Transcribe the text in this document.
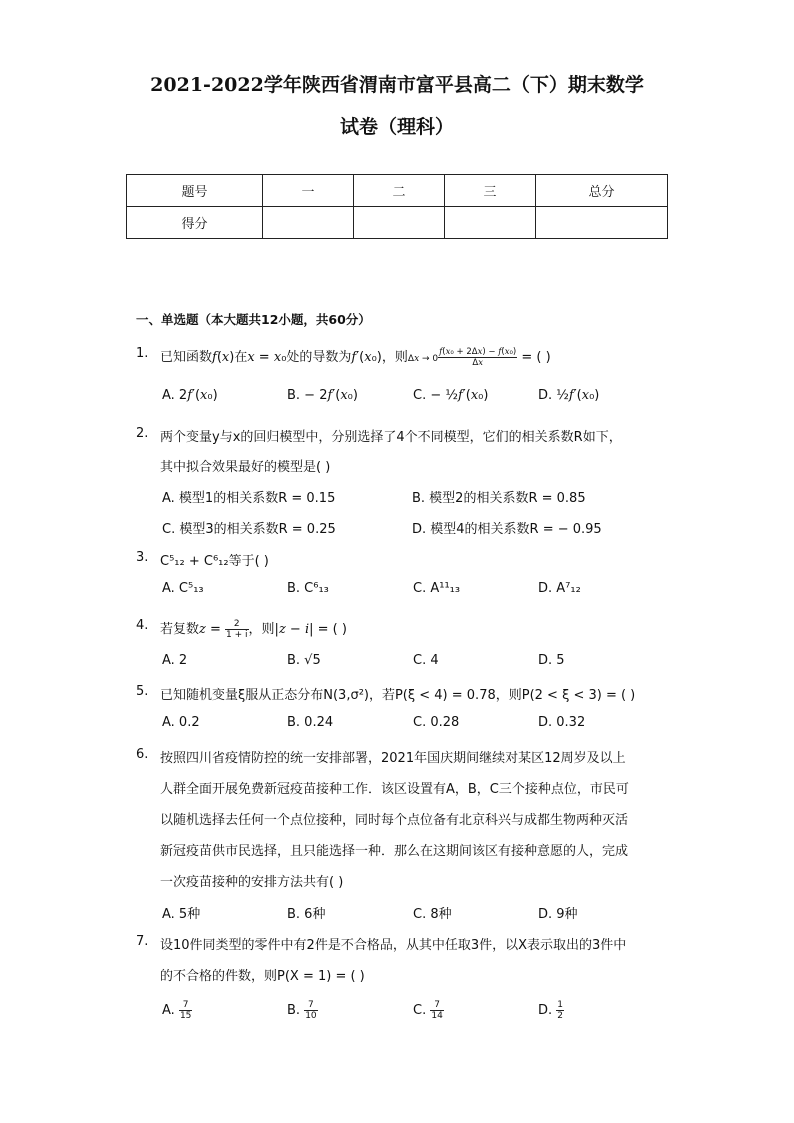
2021-2022学年陕西省渭南市富平县高二（下）期末数学
试卷（理科）
题号	一	二	三	总分
得分				
一、单选题（本大题共12小题，共60分）
1. 已知函数f(x)在x = x₀处的导数为f′(x₀)，则$\Delta x \to 0 \frac{\text{f(x₀ + 2Δx) − f(x₀)}}{\Delta x}$ = ( )
A. 2f′(x₀)	B. − 2f′(x₀)	C. − ½f′(x₀)	D. ½f′(x₀)
2. 两个变量y与x的回归模型中，分别选择了4个不同模型，它们的相关系数R如下，
其中拟合效果最好的模型是( )
A. 模型1的相关系数R = 0.15	B. 模型2的相关系数R = 0.85
C. 模型3的相关系数R = 0.25	D. 模型4的相关系数R = − 0.95
3. C⁵₁₂ + C⁶₁₂等于( )
A. C⁵₁₃	B. C⁶₁₃	C. A¹¹₁₃	D. A⁷₁₂
4. 若复数$z = \frac{2}{1 + i}$ ，则|z − i| = ( )
A. 2	B. √5	C. 4	D. 5
5. 已知随机变量ξ服从正态分布N(3,σ²)，若P(ξ < 4) = 0.78，则P(2 < ξ < 3) = ( )
A. 0.2	B. 0.24	C. 0.28	D. 0.32
6. 按照四川省疫情防控的统一安排部署，2021年国庆期间继续对某区12周岁及以上
人群全面开展免费新冠疫苗接种工作．该区设置有A，B，C三个接种点位，市民可
以随机选择去任何一个点位接种，同时每个点位备有北京科兴与成都生物两种灭活
新冠疫苗供市民选择，且只能选择一种．那么在这期间该区有接种意愿的人，完成
一次疫苗接种的安排方法共有( )
A. 5种	B. 6种	C. 8种	D. 9种
7. 设10件同类型的零件中有2件是不合格品，从其中任取3件，以X表示取出的3件中
的不合格的件数，则P(X = 1) = ( )
A. $\frac{7}{15}$	B. $\frac{7}{10}$	C. $\frac{7}{14}$	D. $\frac{1}{2}$
